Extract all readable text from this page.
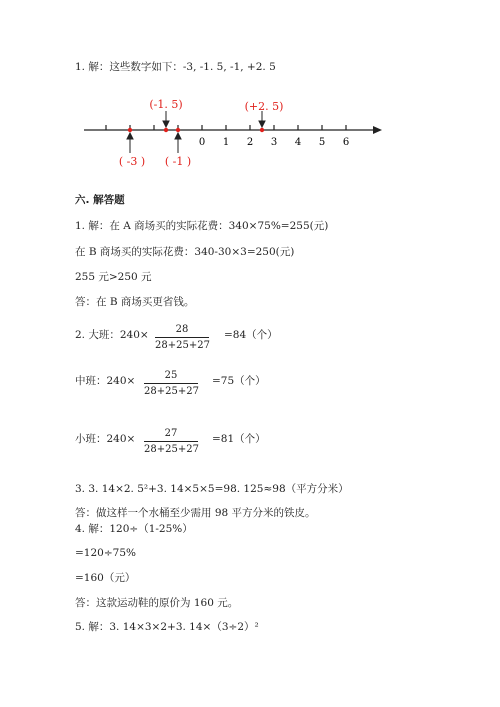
1. 解：这些数字如下：-3, -1. 5, -1, +2. 5
0 1 2 3 4 5 6
(-1. 5)	(+2. 5)
( -3 ) ( -1 )
六. 解答题
1. 解：在 A 商场买的实际花费：340×75%=255(元)
在 B 商场买的实际花费：340-30×3=250(元)
255 元>250 元
答：在 B 商场买更省钱。
2. 大班：240×	28
28+25+27
=84（个）
中班：240×	25
28+25+27
=75（个）
小班：240×	27
28+25+27
=81（个）
3. 3. 14×2. 5²+3. 14×5×5=98. 125≈98（平方分米）
答：做这样一个水桶至少需用 98 平方分米的铁皮。
4. 解：120÷（1-25%）
=120÷75%
=160（元）
答：这款运动鞋的原价为 160 元。
5. 解：3. 14×3×2+3. 14×（3÷2）²
